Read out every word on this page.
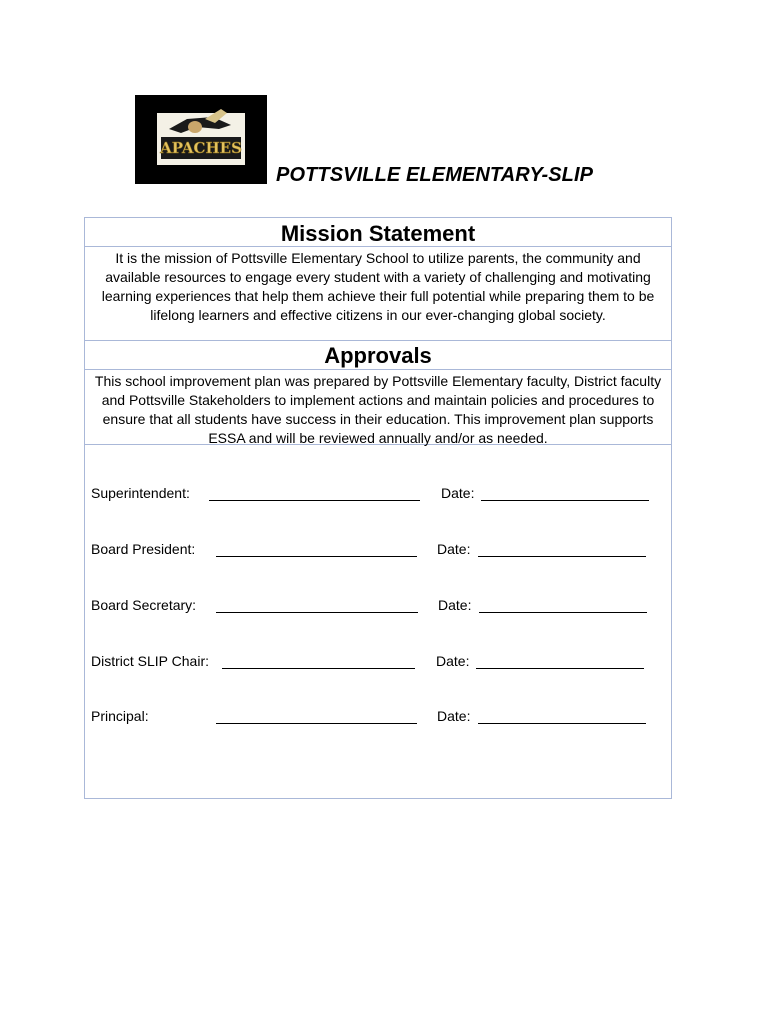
APACHES
POTTSVILLE ELEMENTARY-SLIP
Mission Statement
It is the mission of Pottsville Elementary School to utilize parents, the community and available resources to engage every student with a variety of challenging and motivating learning experiences that help them achieve their full potential while preparing them to be lifelong learners and effective citizens in our ever-changing global society.
Approvals
This school improvement plan was prepared by Pottsville Elementary faculty, District faculty and Pottsville Stakeholders to implement actions and maintain policies and procedures to ensure that all students have success in their education. This improvement plan supports ESSA and will be reviewed annually and/or as needed.
Superintendent:	Date:
Board President:	Date:
Board Secretary:	Date:
District SLIP Chair:	Date:
Principal:	Date:
